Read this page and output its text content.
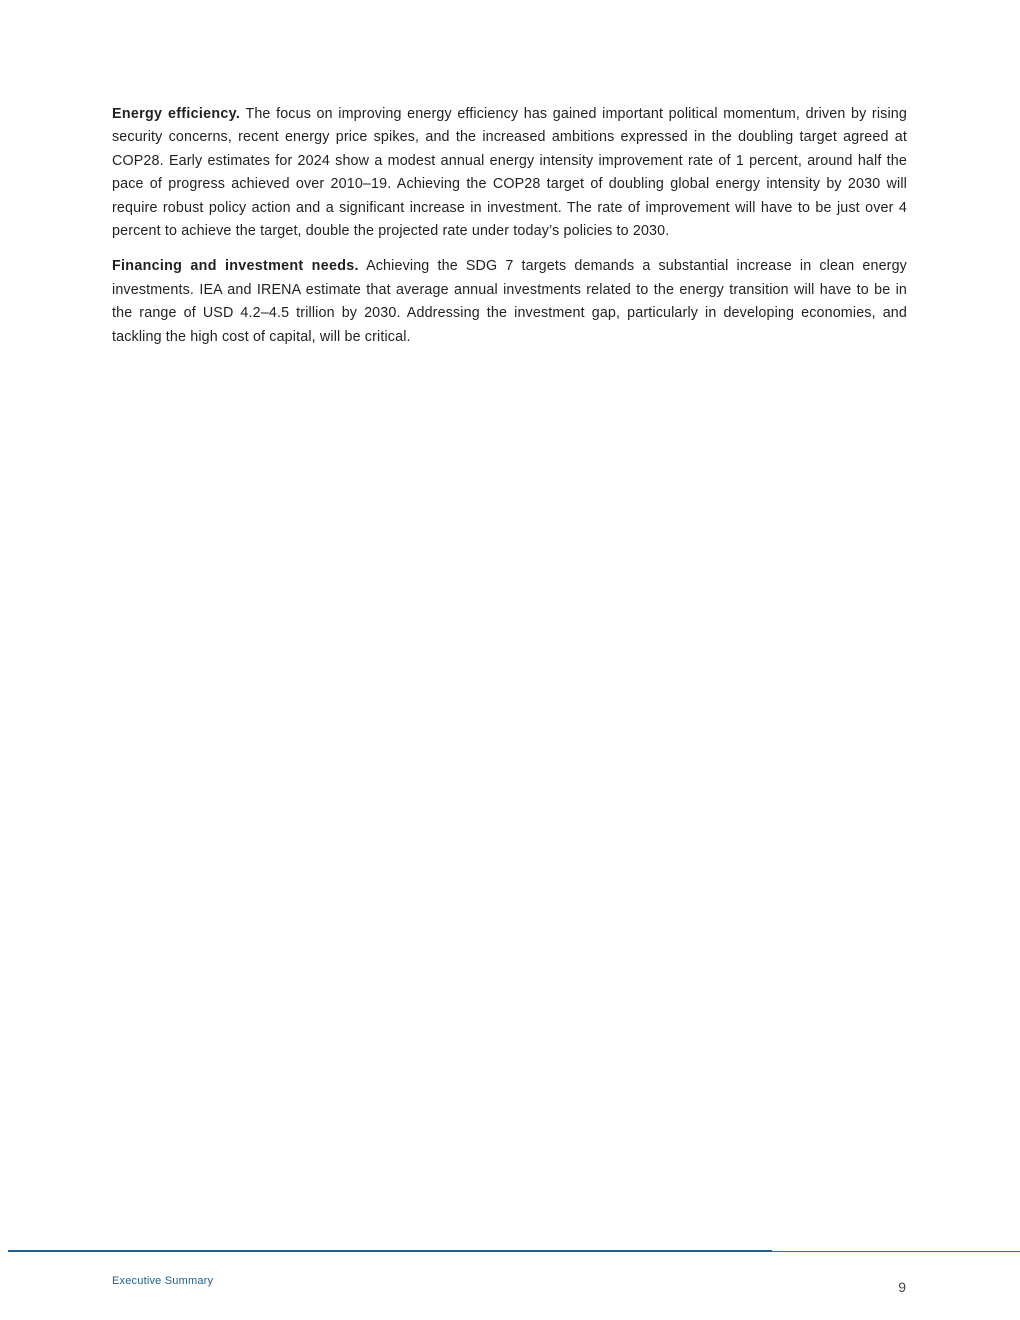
Energy efficiency. The focus on improving energy efficiency has gained important political momentum, driven by rising security concerns, recent energy price spikes, and the increased ambitions expressed in the doubling target agreed at COP28. Early estimates for 2024 show a modest annual energy intensity improvement rate of 1 percent, around half the pace of progress achieved over 2010–19. Achieving the COP28 target of doubling global energy intensity by 2030 will require robust policy action and a significant increase in investment. The rate of improvement will have to be just over 4 percent to achieve the target, double the projected rate under today’s policies to 2030.

Financing and investment needs. Achieving the SDG 7 targets demands a substantial increase in clean energy investments. IEA and IRENA estimate that average annual investments related to the energy transition will have to be in the range of USD 4.2–4.5 trillion by 2030. Addressing the investment gap, particularly in developing economies, and tackling the high cost of capital, will be critical.

Executive Summary	9
